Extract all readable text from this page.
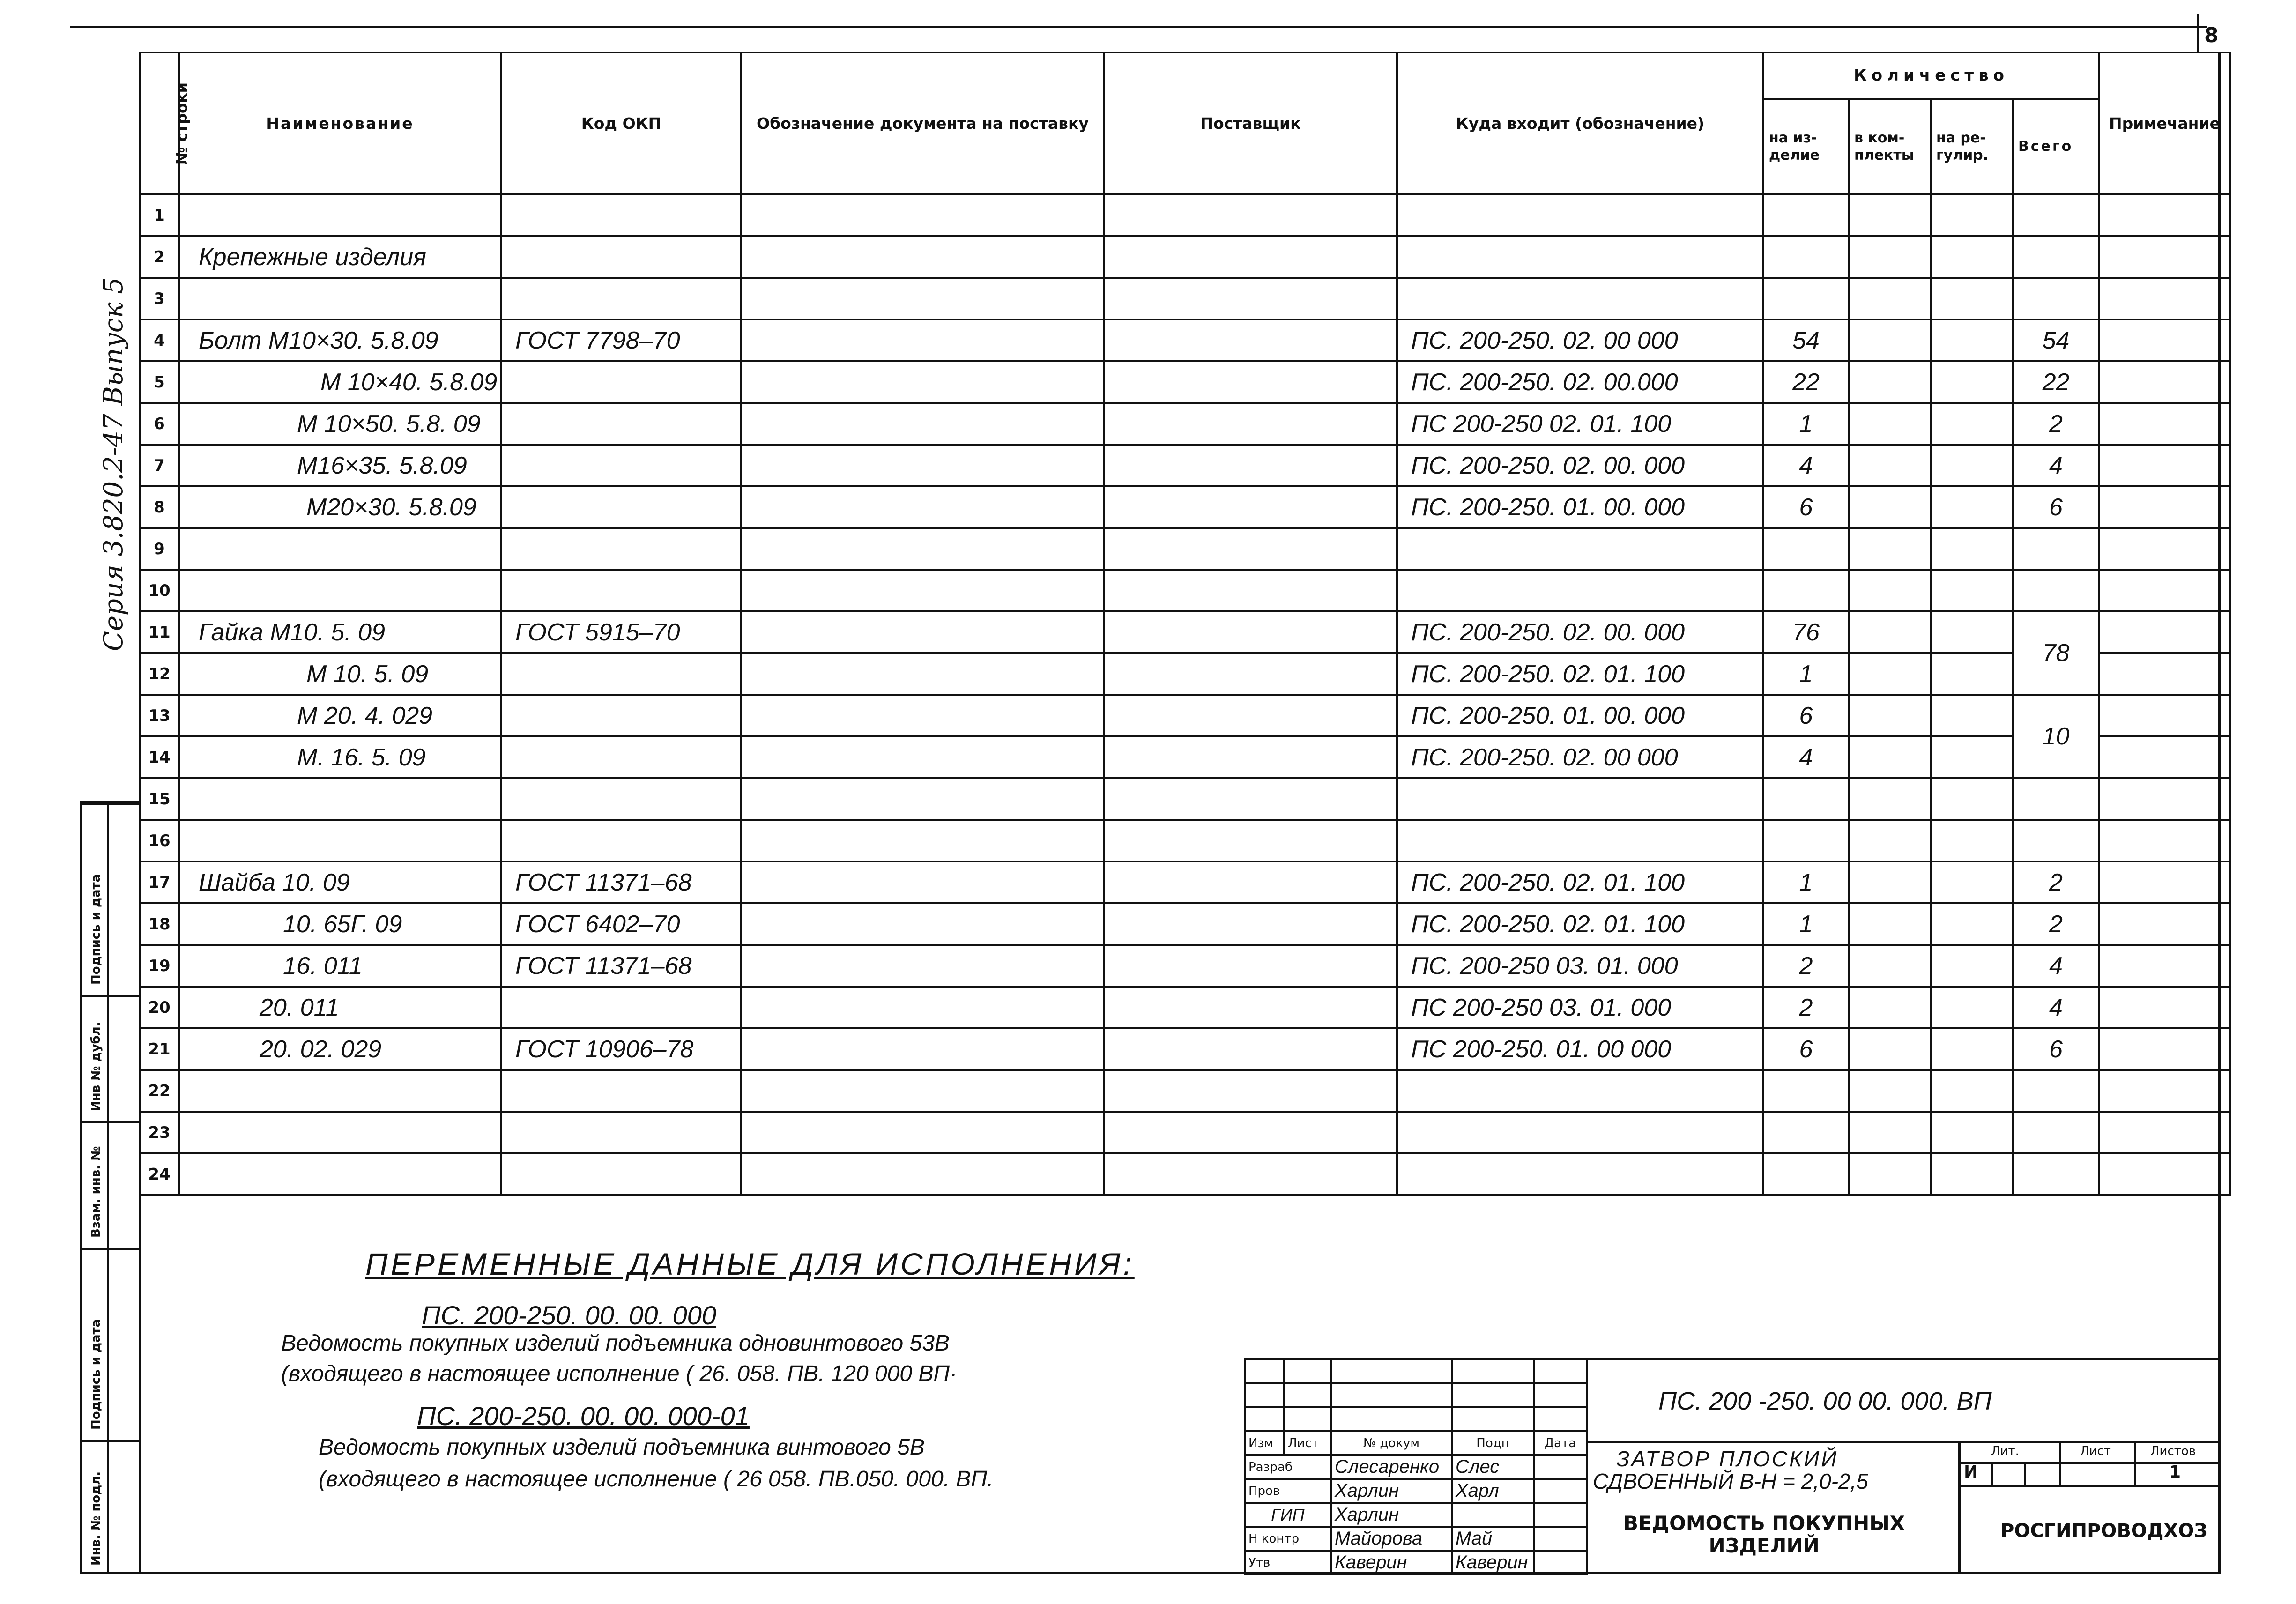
8
Серия 3.820.2-47 Выпуск 5
№ строки	Наименование	Код ОКП	Обозначение документа на поставку	Поставщик	Куда входит (обозначение)	Количество				Примечание
						на из-делие	в ком-плекты	на ре-гулир.	Всего	
1										
2	Крепежные изделия									
3										
4	Болт М10×30. 5.8.09	ГОСТ 7798–70			ПС. 200-250. 02. 00 000	54			54	
5	М 10×40. 5.8.09				ПС. 200-250. 02. 00.000	22			22	
6	М 10×50. 5.8. 09				ПС 200-250 02. 01. 100	1			2	
7	М16×35. 5.8.09				ПС. 200-250. 02. 00. 000	4			4	
8	М20×30. 5.8.09				ПС. 200-250. 01. 00. 000	6			6	
9										
10										
11	Гайка М10. 5. 09	ГОСТ 5915–70			ПС. 200-250. 02. 00. 000	76			78	
12	М 10. 5. 09				ПС. 200-250. 02. 01. 100	1				
13	М 20. 4. 029				ПС. 200-250. 01. 00. 000	6			10	
14	М. 16. 5. 09				ПС. 200-250. 02. 00 000	4				
15										
16										
17	Шайба 10. 09	ГОСТ 11371–68			ПС. 200-250. 02. 01. 100	1			2	
18	10. 65Г. 09	ГОСТ 6402–70			ПС. 200-250. 02. 01. 100	1			2	
19	16. 011	ГОСТ 11371–68			ПС. 200-250 03. 01. 000	2			4	
20	20. 011				ПС 200-250 03. 01. 000	2			4	
21	20. 02. 029	ГОСТ 10906–78			ПС 200-250. 01. 00 000	6			6	
22										
23										
24										
Подпись и дата
Инв № дубл.
Взам. инв. №
Подпись и дата
Инв. № подл.
ПЕРЕМЕННЫЕ ДАННЫЕ ДЛЯ ИСПОЛНЕНИЯ:
ПС. 200-250. 00. 00. 000
Ведомость покупных изделий подъемника одновинтового 53В
(входящего в настоящее исполнение ( 26. 058. ПВ. 120 000 ВП·
ПС. 200-250. 00. 00. 000-01
Ведомость покупных изделий подъемника винтового 5В
(входящего в настоящее исполнение ( 26 058. ПВ.050. 000. ВП.

Изм	Лист	№ докум	Подп	Дата
Разраб		Слесаренко	Слес	
Пров		Харлин	Харл	
ГИП		Харлин		
Н контр		Майорова	Май	
Утв		Каверин	Каверин	
ПС. 200 -250. 00 00. 000. ВП
ЗАТВОР ПЛОСКИЙ
СДВОЕННЫЙ В-Н = 2,0-2,5
ВЕДОМОСТЬ ПОКУПНЫХ
ИЗДЕЛИЙ
Лит.	Лист	Листов
И	1
РОСГИПРОВОДХОЗ
